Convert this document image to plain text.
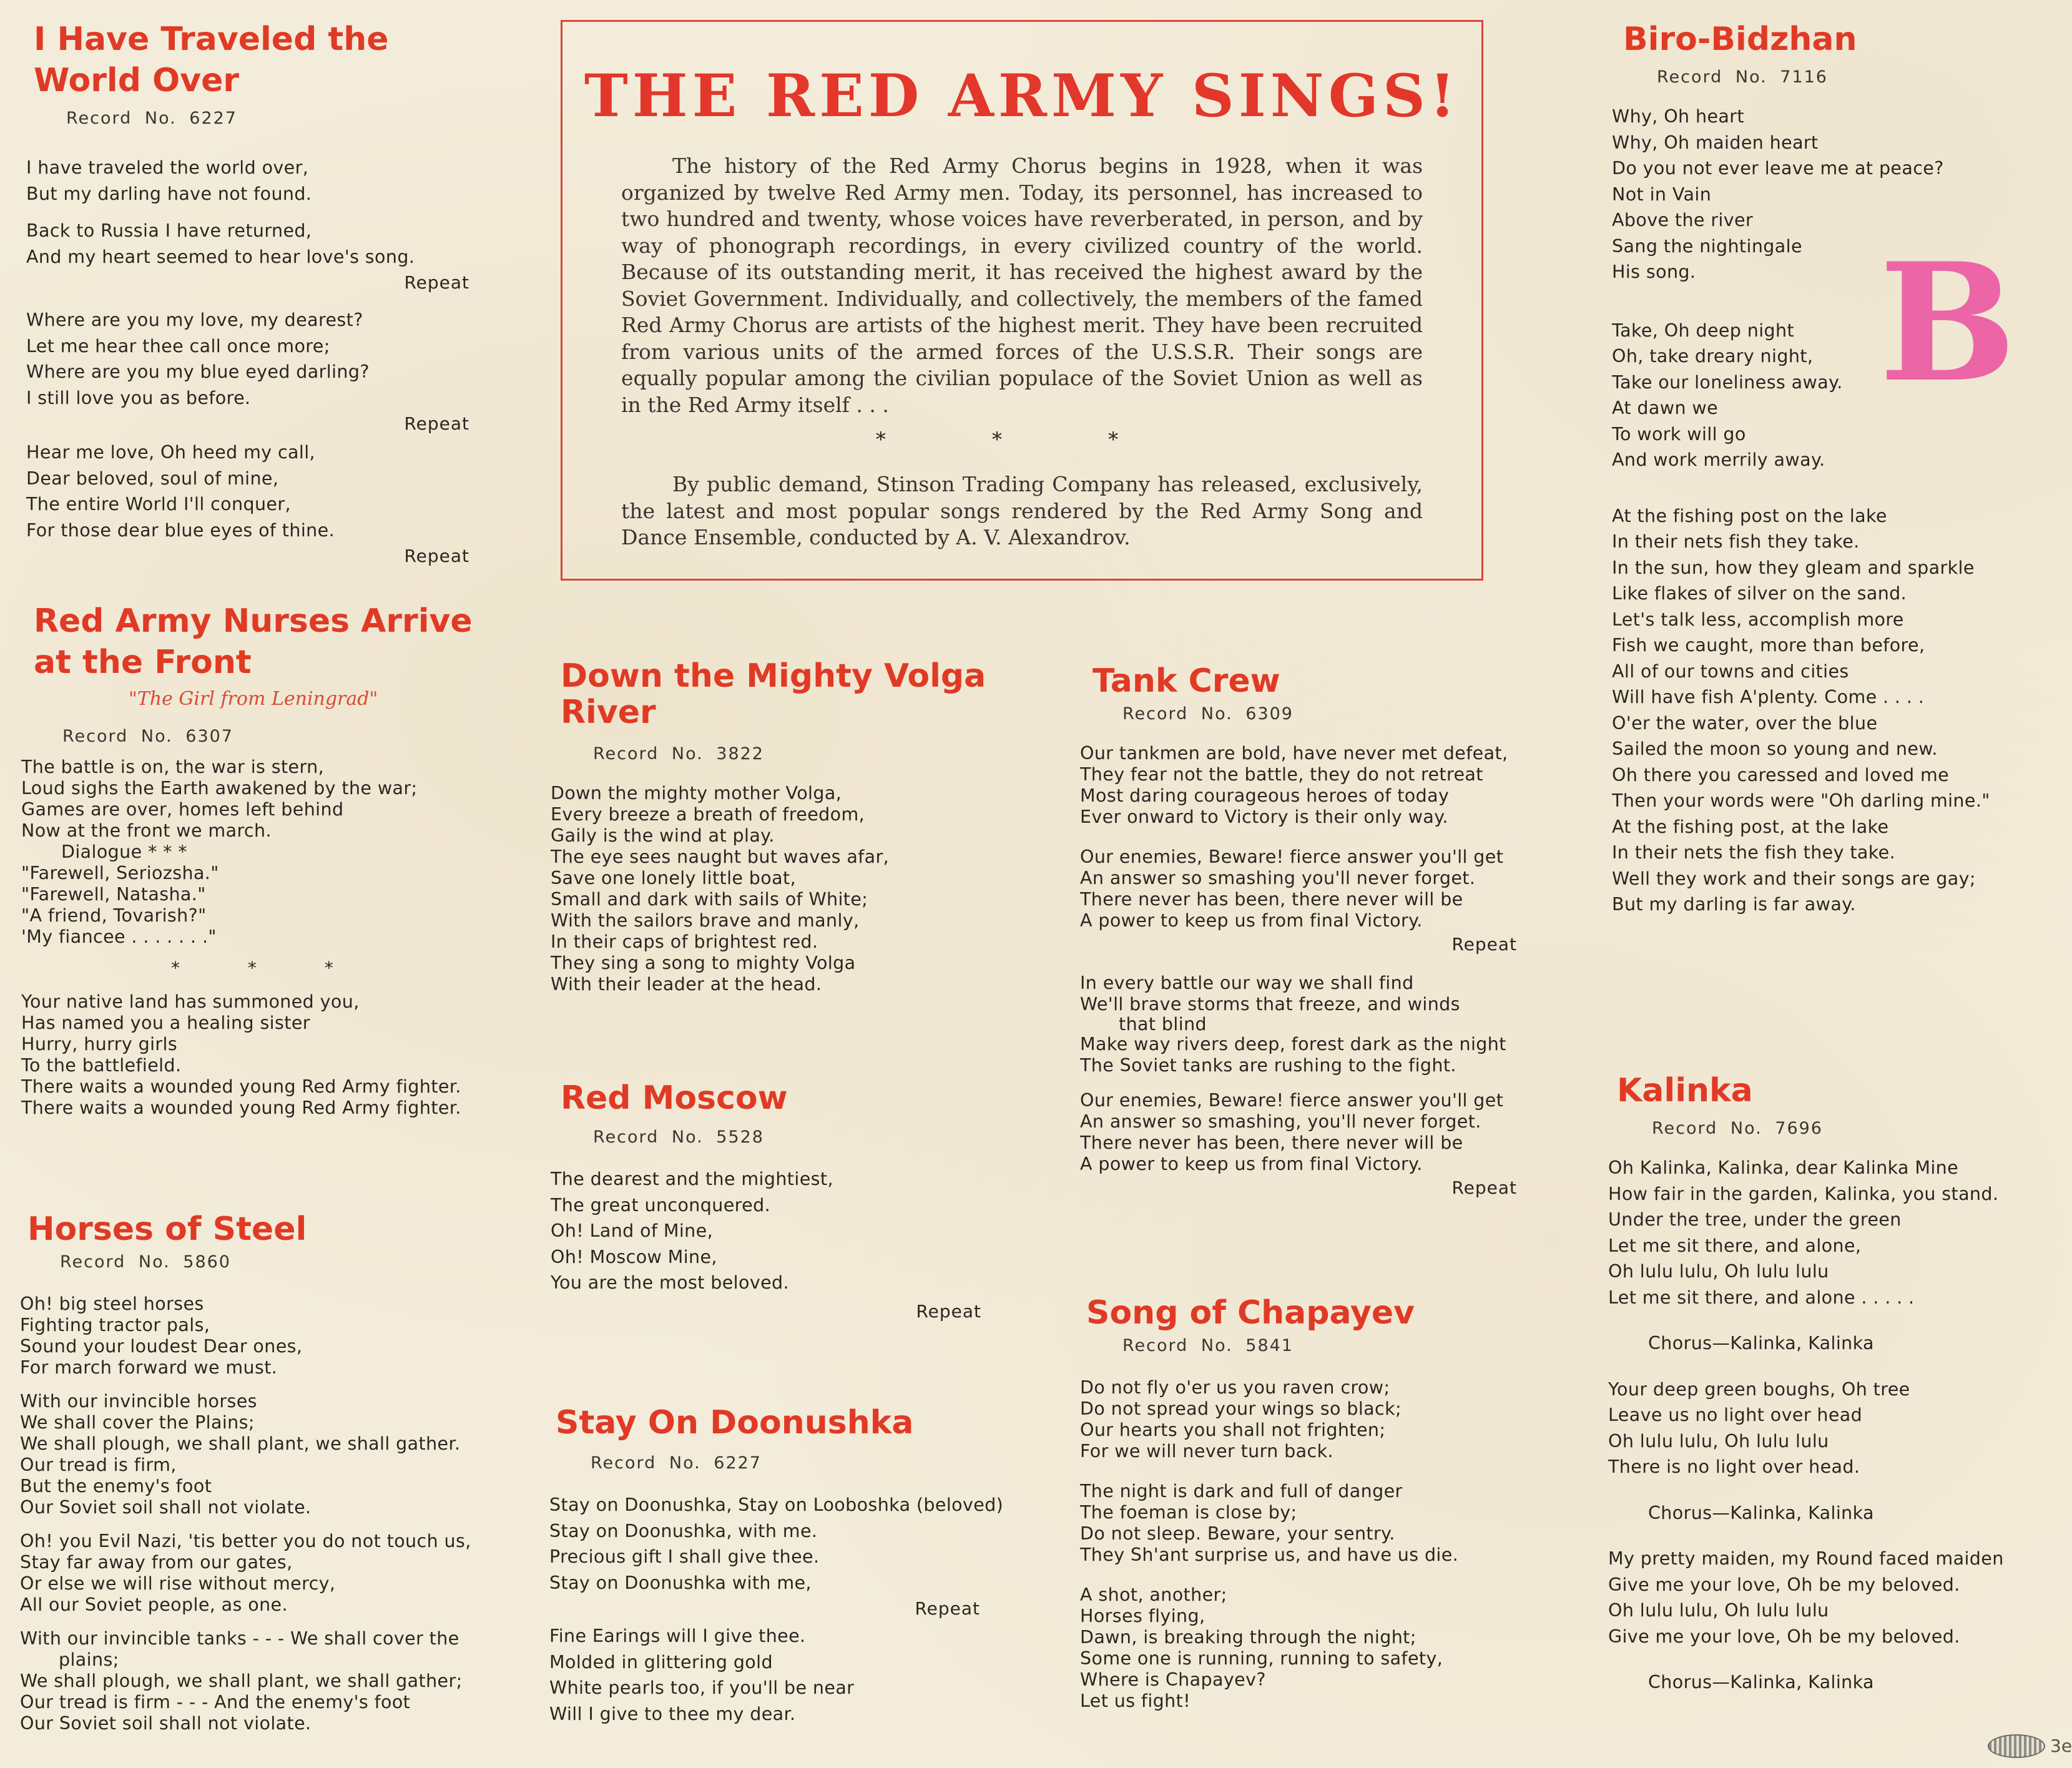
I Have Traveled the
World Over
Record No. 6227
I have traveled the world over,
But my darling have not found.
Back to Russia I have returned,
And my heart seemed to hear love's song.
Repeat
Where are you my love, my dearest?
Let me hear thee call once more;
Where are you my blue eyed darling?
I still love you as before.
Repeat
Hear me love, Oh heed my call,
Dear beloved, soul of mine,
The entire World I'll conquer,
For those dear blue eyes of thine.
Repeat
Red Army Nurses Arrive
at the Front
"The Girl from Leningrad"
Record No. 6307
The battle is on, the war is stern,
Loud sighs the Earth awakened by the war;
Games are over, homes left behind
Now at the front we march.
Dialogue * * *
"Farewell, Seriozsha."
"Farewell, Natasha."
"A friend, Tovarish?"
'My fiancee . . . . . . ."
* * *
Your native land has summoned you,
Has named you a healing sister
Hurry, hurry girls
To the battlefield.
There waits a wounded young Red Army fighter.
There waits a wounded young Red Army fighter.
Horses of Steel
Record No. 5860
Oh! big steel horses
Fighting tractor pals,
Sound your loudest Dear ones,
For march forward we must.
With our invincible horses
We shall cover the Plains;
We shall plough, we shall plant, we shall gather.
Our tread is firm,
But the enemy's foot
Our Soviet soil shall not violate.
Oh! you Evil Nazi, 'tis better you do not touch us,
Stay far away from our gates,
Or else we will rise without mercy,
All our Soviet people, as one.
With our invincible tanks - - - We shall cover the
plains;
We shall plough, we shall plant, we shall gather;
Our tread is firm - - - And the enemy's foot
Our Soviet soil shall not violate.
THE RED ARMY SINGS!

The history of the Red Army Chorus begins in 1928, when it was organized by twelve Red Army men. Today, its personnel, has increased to two hundred and twenty, whose voices have reverberated, in person, and by way of phonograph recordings, in every civilized country of the world. Because of its outstanding merit, it has received the highest award by the Soviet Government. Individually, and collectively, the members of the famed Red Army Chorus are artists of the highest merit. They have been recruited from various units of the armed forces of the U.S.S.R. Their songs are equally popular among the civilian populace of the Soviet Union as well as in the Red Army itself . . .

* * *

By public demand, Stinson Trading Company has released, exclusively, the latest and most popular songs rendered by the Red Army Song and Dance Ensemble, conducted by A. V. Alexandrov.

Down the Mighty Volga
River
Record No. 3822
Down the mighty mother Volga,
Every breeze a breath of freedom,
Gaily is the wind at play.
The eye sees naught but waves afar,
Save one lonely little boat,
Small and dark with sails of White;
With the sailors brave and manly,
In their caps of brightest red.
They sing a song to mighty Volga
With their leader at the head.
Red Moscow
Record No. 5528
The dearest and the mightiest,
The great unconquered.
Oh! Land of Mine,
Oh! Moscow Mine,
You are the most beloved.
Repeat
Stay On Doonushka
Record No. 6227
Stay on Doonushka, Stay on Looboshka (beloved)
Stay on Doonushka, with me.
Precious gift I shall give thee.
Stay on Doonushka with me,
Repeat
Fine Earings will I give thee.
Molded in glittering gold
White pearls too, if you'll be near
Will I give to thee my dear.
Tank Crew
Record No. 6309
Our tankmen are bold, have never met defeat,
They fear not the battle, they do not retreat
Most daring courageous heroes of today
Ever onward to Victory is their only way.
Our enemies, Beware! fierce answer you'll get
An answer so smashing you'll never forget.
There never has been, there never will be
A power to keep us from final Victory.
Repeat
In every battle our way we shall find
We'll brave storms that freeze, and winds
that blind
Make way rivers deep, forest dark as the night
The Soviet tanks are rushing to the fight.
Our enemies, Beware! fierce answer you'll get
An answer so smashing, you'll never forget.
There never has been, there never will be
A power to keep us from final Victory.
Repeat
Song of Chapayev
Record No. 5841
Do not fly o'er us you raven crow;
Do not spread your wings so black;
Our hearts you shall not frighten;
For we will never turn back.
The night is dark and full of danger
The foeman is close by;
Do not sleep. Beware, your sentry.
They Sh'ant surprise us, and have us die.
A shot, another;
Horses flying,
Dawn, is breaking through the night;
Some one is running, running to safety,
Where is Chapayev?
Let us fight!
Biro-Bidzhan
Record No. 7116
Why, Oh heart
Why, Oh maiden heart
Do you not ever leave me at peace?
Not in Vain
Above the river
Sang the nightingale
His song.
Take, Oh deep night
Oh, take dreary night,
Take our loneliness away.
At dawn we
To work will go
And work merrily away.
At the fishing post on the lake
In their nets fish they take.
In the sun, how they gleam and sparkle
Like flakes of silver on the sand.
Let's talk less, accomplish more
Fish we caught, more than before,
All of our towns and cities
Will have fish A'plenty. Come . . . .
O'er the water, over the blue
Sailed the moon so young and new.
Oh there you caressed and loved me
Then your words were "Oh darling mine."
At the fishing post, at the lake
In their nets the fish they take.
Well they work and their songs are gay;
But my darling is far away.
Kalinka
Record No. 7696
Oh Kalinka, Kalinka, dear Kalinka Mine
How fair in the garden, Kalinka, you stand.
Under the tree, under the green
Let me sit there, and alone,
Oh lulu lulu, Oh lulu lulu
Let me sit there, and alone . . . . .
Chorus—Kalinka, Kalinka
Your deep green boughs, Oh tree
Leave us no light over head
Oh lulu lulu, Oh lulu lulu
There is no light over head.
Chorus—Kalinka, Kalinka
My pretty maiden, my Round faced maiden
Give me your love, Oh be my beloved.
Oh lulu lulu, Oh lulu lulu
Give me your love, Oh be my beloved.
Chorus—Kalinka, Kalinka
B
3e
